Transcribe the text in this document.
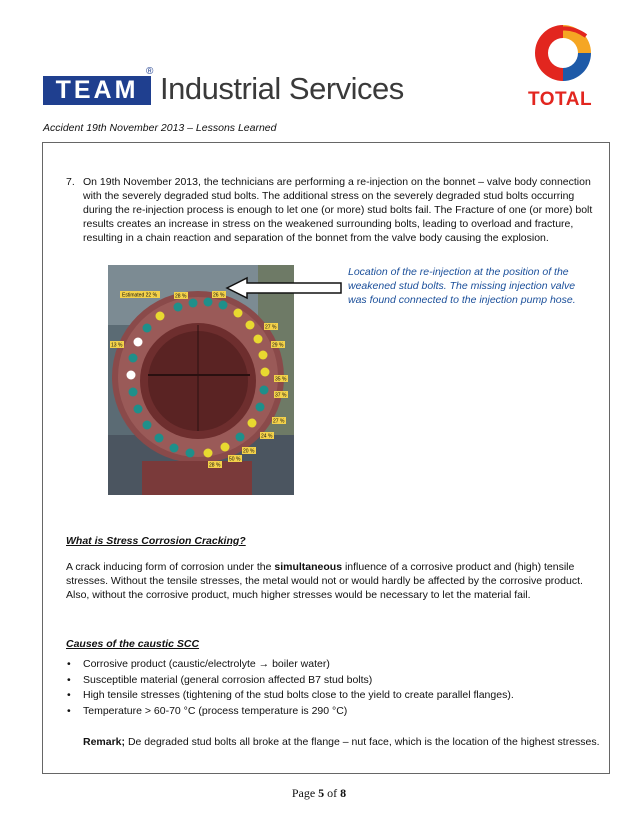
TEAM
® Industrial Services	TOTAL
Accident 19th November 2013 – Lessons Learned
7. On 19th November 2013, the technicians are performing a re-injection on the bonnet – valve body connection with the severely degraded stud bolts. The additional stress on the severely degraded stud bolts occurring during the re-injection process is enough to let one (or more) stud bolts fail. The Fracture of one (or more) bolt results creates an increase in stress on the weakened surrounding bolts, leading to overload and fracture, resulting in a chain reaction and separation of the bonnet from the valve body causing the explosion.
Estimated 22 %	28 %	26 %
27 %
29 %
13 %
35 %
37 %
27 %
24 %
50 %
28 %
20 %
Location of the re-injection at the position of the weakened stud bolts. The missing injection valve was found connected to the injection pump hose.
What is Stress Corrosion Cracking?
A crack inducing form of corrosion under the simultaneous influence of a corrosive product and (high) tensile stresses. Without the tensile stresses, the metal would not or would hardly be affected by the corrosive product. Also, without the corrosive product, much higher stresses would be necessary to let the material fail.
Causes of the caustic SCC
• Corrosive product (caustic/electrolyte → boiler water)
• Susceptible material (general corrosion affected B7 stud bolts)
• High tensile stresses (tightening of the stud bolts close to the yield to create parallel flanges).
• Temperature > 60-70 °C (process temperature is 290 °C)
Remark; De degraded stud bolts all broke at the flange – nut face, which is the location of the highest stresses.
Page 5 of 8
